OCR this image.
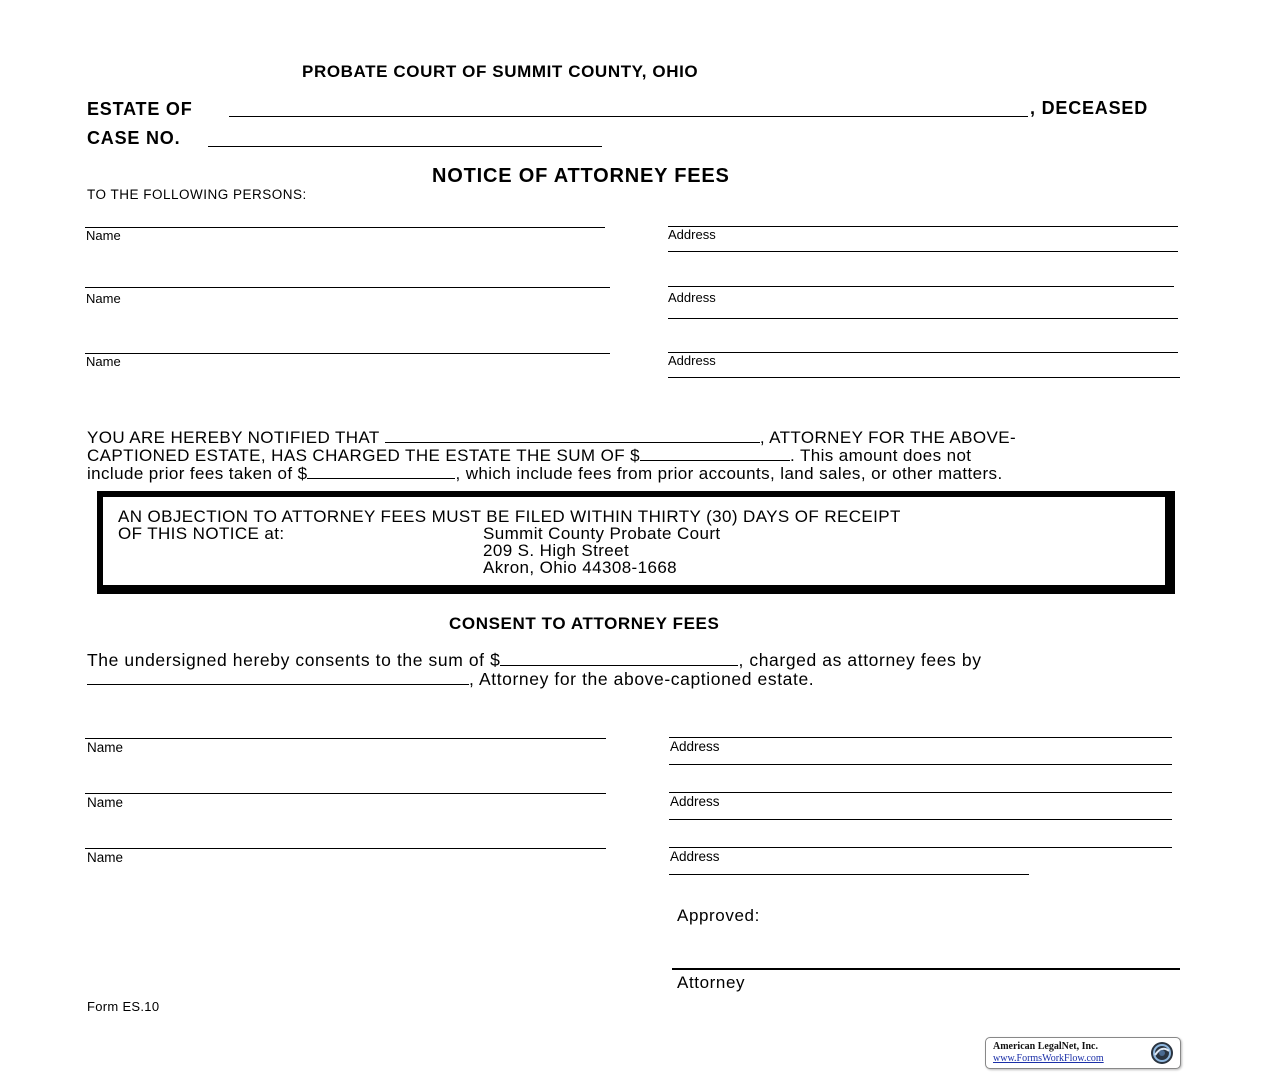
PROBATE COURT OF SUMMIT COUNTY, OHIO
ESTATE OF	, DECEASED
CASE NO.
NOTICE OF ATTORNEY FEES
TO THE FOLLOWING PERSONS:
Name	Address
Name	Address
Name	Address
YOU ARE HEREBY NOTIFIED THAT	, ATTORNEY FOR THE ABOVE-
CAPTIONED ESTATE, HAS CHARGED THE ESTATE THE SUM OF $	. This amount does not
include prior fees taken of $	, which include fees from prior accounts, land sales, or other matters.
AN OBJECTION TO ATTORNEY FEES MUST BE FILED WITHIN THIRTY (30) DAYS OF RECEIPT
OF THIS NOTICE at:	Summit County Probate Court
209 S. High Street
Akron, Ohio 44308-1668
CONSENT TO ATTORNEY FEES
The undersigned hereby consents to the sum of $	, charged as attorney fees by
, Attorney for the above-captioned estate.
Name	Address
Name	Address
Name	Address
Approved:
Attorney
Form ES.10
American LegalNet, Inc.
www.FormsWorkFlow.com
